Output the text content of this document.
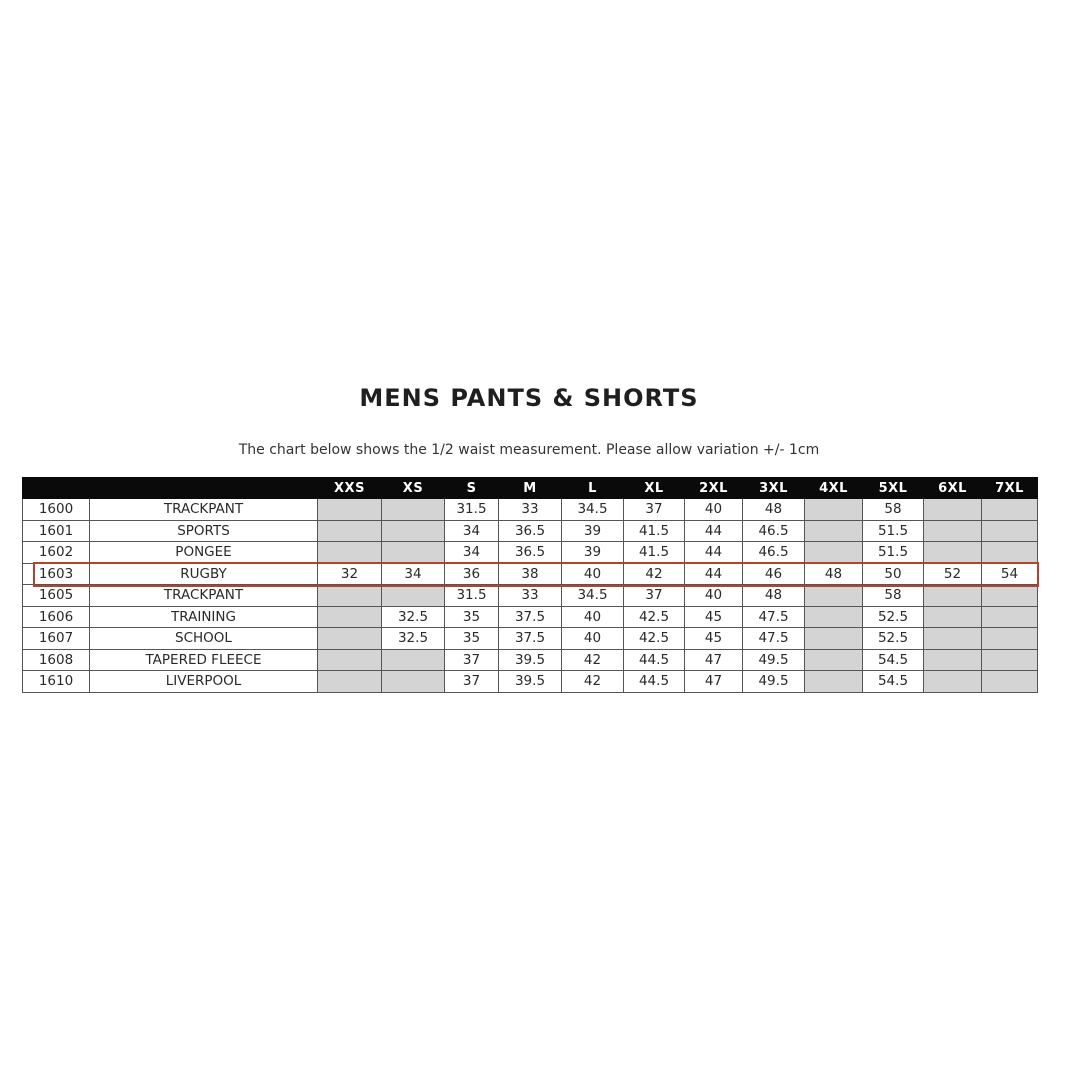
MENS PANTS & SHORTS
The chart below shows the 1/2 waist measurement. Please allow variation +/- 1cm
		XXS	XS	S	M	L	XL	2XL	3XL	4XL	5XL	6XL	7XL
1600	TRACKPANT			31.5	33	34.5	37	40	48		58		
1601	SPORTS			34	36.5	39	41.5	44	46.5		51.5		
1602	PONGEE			34	36.5	39	41.5	44	46.5		51.5		
1603	RUGBY	32	34	36	38	40	42	44	46	48	50	52	54
1605	TRACKPANT			31.5	33	34.5	37	40	48		58		
1606	TRAINING		32.5	35	37.5	40	42.5	45	47.5		52.5		
1607	SCHOOL		32.5	35	37.5	40	42.5	45	47.5		52.5		
1608	TAPERED FLEECE			37	39.5	42	44.5	47	49.5		54.5		
1610	LIVERPOOL			37	39.5	42	44.5	47	49.5		54.5		
